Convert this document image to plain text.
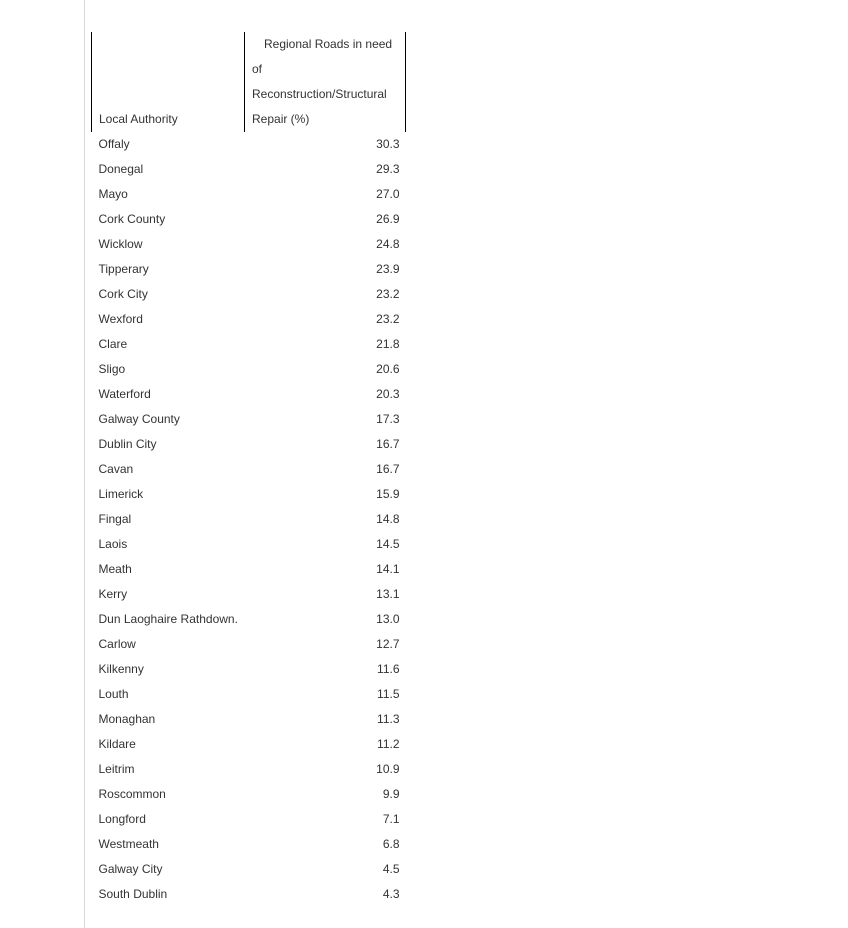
Local Authority	Regional Roads in need
of
Reconstruction/Structural
Repair (%)

Offaly	30.3
Donegal	29.3
Mayo	27.0
Cork County	26.9
Wicklow	24.8
Tipperary	23.9
Cork City	23.2
Wexford	23.2
Clare	21.8
Sligo	20.6
Waterford	20.3
Galway County	17.3
Dublin City	16.7
Cavan	16.7
Limerick	15.9
Fingal	14.8
Laois	14.5
Meath	14.1
Kerry	13.1
Dun Laoghaire Rathdown.	13.0
Carlow	12.7
Kilkenny	11.6
Louth	11.5
Monaghan	11.3
Kildare	11.2
Leitrim	10.9
Roscommon	9.9
Longford	7.1
Westmeath	6.8
Galway City	4.5
South Dublin	4.3
